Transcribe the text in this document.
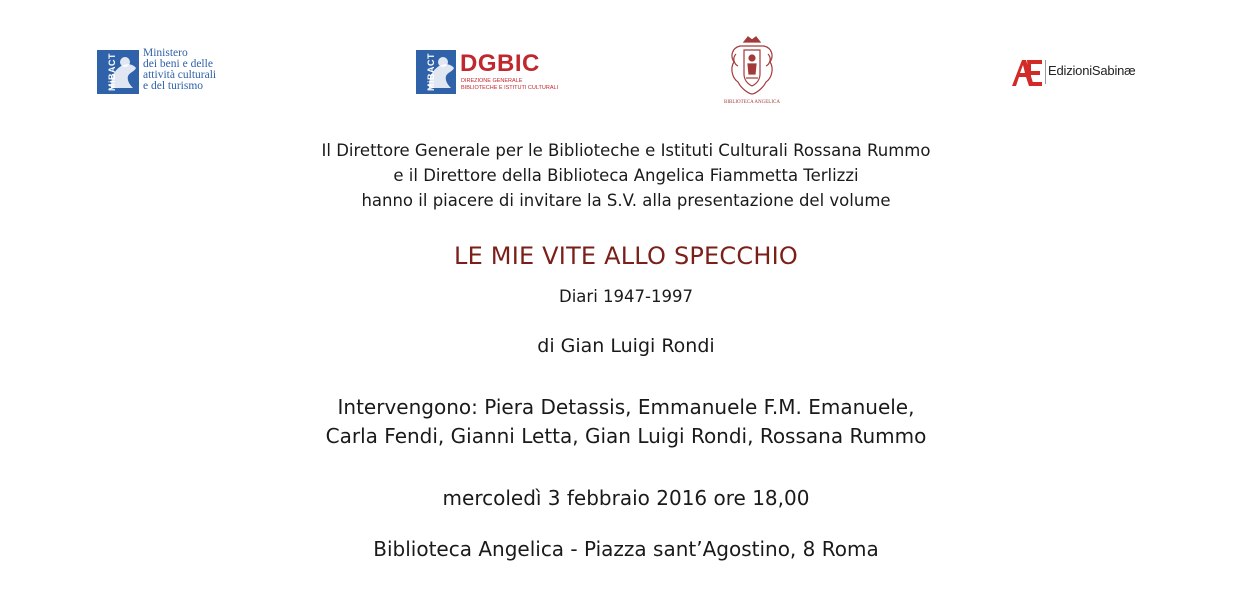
MiBACT Ministero
dei beni e delle
attività culturali
e del turismo	MiBACT DGBIC
DIREZIONE GENERALE
BIBLIOTECHE E ISTITUTI CULTURALI
BIBLIOTECA ANGELICA
EdizioniSabinæ
Il Direttore Generale per le Biblioteche e Istituti Culturali Rossana Rummo
e il Direttore della Biblioteca Angelica Fiammetta Terlizzi
hanno il piacere di invitare la S.V. alla presentazione del volume
LE MIE VITE ALLO SPECCHIO
Diari 1947-1997
di Gian Luigi Rondi
Intervengono: Piera Detassis, Emmanuele F.M. Emanuele,
Carla Fendi, Gianni Letta, Gian Luigi Rondi, Rossana Rummo
mercoledì 3 febbraio 2016 ore 18,00
Biblioteca Angelica - Piazza sant’Agostino, 8 Roma
